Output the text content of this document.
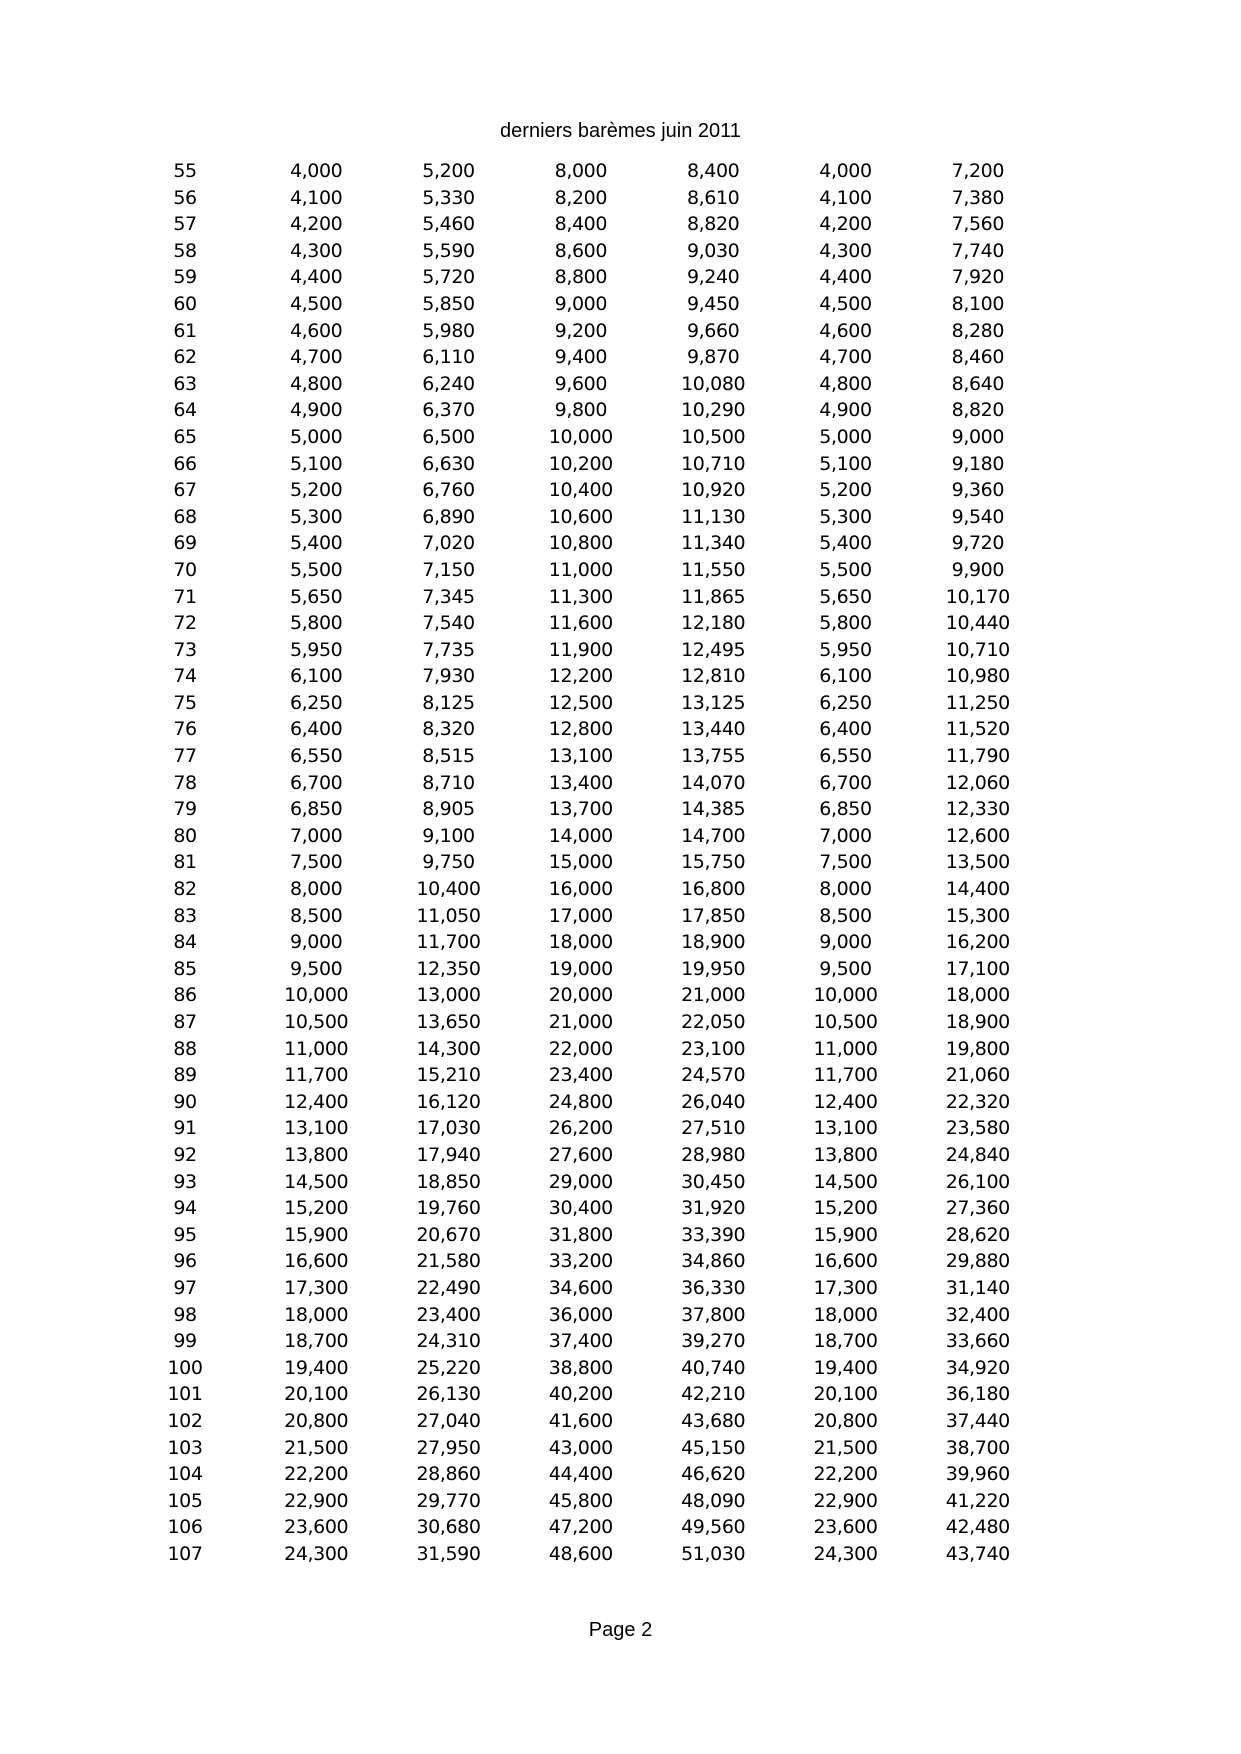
derniers barèmes juin 2011
55	4,000	5,200	8,000	8,400	4,000	7,200
56	4,100	5,330	8,200	8,610	4,100	7,380
57	4,200	5,460	8,400	8,820	4,200	7,560
58	4,300	5,590	8,600	9,030	4,300	7,740
59	4,400	5,720	8,800	9,240	4,400	7,920
60	4,500	5,850	9,000	9,450	4,500	8,100
61	4,600	5,980	9,200	9,660	4,600	8,280
62	4,700	6,110	9,400	9,870	4,700	8,460
63	4,800	6,240	9,600	10,080	4,800	8,640
64	4,900	6,370	9,800	10,290	4,900	8,820
65	5,000	6,500	10,000	10,500	5,000	9,000
66	5,100	6,630	10,200	10,710	5,100	9,180
67	5,200	6,760	10,400	10,920	5,200	9,360
68	5,300	6,890	10,600	11,130	5,300	9,540
69	5,400	7,020	10,800	11,340	5,400	9,720
70	5,500	7,150	11,000	11,550	5,500	9,900
71	5,650	7,345	11,300	11,865	5,650	10,170
72	5,800	7,540	11,600	12,180	5,800	10,440
73	5,950	7,735	11,900	12,495	5,950	10,710
74	6,100	7,930	12,200	12,810	6,100	10,980
75	6,250	8,125	12,500	13,125	6,250	11,250
76	6,400	8,320	12,800	13,440	6,400	11,520
77	6,550	8,515	13,100	13,755	6,550	11,790
78	6,700	8,710	13,400	14,070	6,700	12,060
79	6,850	8,905	13,700	14,385	6,850	12,330
80	7,000	9,100	14,000	14,700	7,000	12,600
81	7,500	9,750	15,000	15,750	7,500	13,500
82	8,000	10,400	16,000	16,800	8,000	14,400
83	8,500	11,050	17,000	17,850	8,500	15,300
84	9,000	11,700	18,000	18,900	9,000	16,200
85	9,500	12,350	19,000	19,950	9,500	17,100
86	10,000	13,000	20,000	21,000	10,000	18,000
87	10,500	13,650	21,000	22,050	10,500	18,900
88	11,000	14,300	22,000	23,100	11,000	19,800
89	11,700	15,210	23,400	24,570	11,700	21,060
90	12,400	16,120	24,800	26,040	12,400	22,320
91	13,100	17,030	26,200	27,510	13,100	23,580
92	13,800	17,940	27,600	28,980	13,800	24,840
93	14,500	18,850	29,000	30,450	14,500	26,100
94	15,200	19,760	30,400	31,920	15,200	27,360
95	15,900	20,670	31,800	33,390	15,900	28,620
96	16,600	21,580	33,200	34,860	16,600	29,880
97	17,300	22,490	34,600	36,330	17,300	31,140
98	18,000	23,400	36,000	37,800	18,000	32,400
99	18,700	24,310	37,400	39,270	18,700	33,660
100	19,400	25,220	38,800	40,740	19,400	34,920
101	20,100	26,130	40,200	42,210	20,100	36,180
102	20,800	27,040	41,600	43,680	20,800	37,440
103	21,500	27,950	43,000	45,150	21,500	38,700
104	22,200	28,860	44,400	46,620	22,200	39,960
105	22,900	29,770	45,800	48,090	22,900	41,220
106	23,600	30,680	47,200	49,560	23,600	42,480
107	24,300	31,590	48,600	51,030	24,300	43,740
Page 2
